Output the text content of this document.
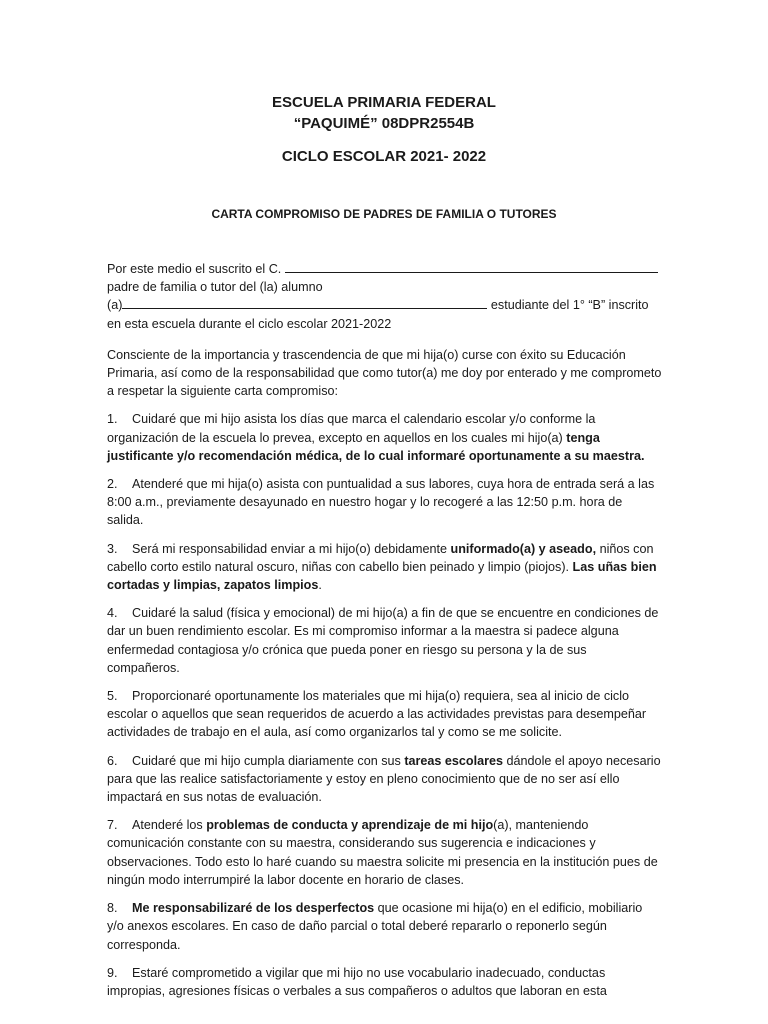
ESCUELA PRIMARIA FEDERAL
“PAQUIMÉ” 08DPR2554B
CICLO ESCOLAR 2021- 2022
CARTA COMPROMISO DE PADRES DE FAMILIA O TUTORES
Por este medio el suscrito el C.
padre de familia o tutor del (la) alumno
(a)	estudiante del 1° “B” inscrito
en esta escuela durante el ciclo escolar 2021-2022

Consciente de la importancia y trascendencia de que mi hija(o) curse con éxito su Educación Primaria, así como de la responsabilidad que como tutor(a) me doy por enterado y me comprometo a respetar la siguiente carta compromiso:

1. Cuidaré que mi hijo asista los días que marca el calendario escolar y/o conforme la organización de la escuela lo prevea, excepto en aquellos en los cuales mi hijo(a) tenga justificante y/o recomendación médica, de lo cual informaré oportunamente a su maestra.

2. Atenderé que mi hija(o) asista con puntualidad a sus labores, cuya hora de entrada será a las 8:00 a.m., previamente desayunado en nuestro hogar y lo recogeré a las 12:50 p.m. hora de salida.

3. Será mi responsabilidad enviar a mi hijo(o) debidamente uniformado(a) y aseado, niños con cabello corto estilo natural oscuro, niñas con cabello bien peinado y limpio (piojos). Las uñas bien cortadas y limpias, zapatos limpios.

4. Cuidaré la salud (física y emocional) de mi hijo(a) a fin de que se encuentre en condiciones de dar un buen rendimiento escolar. Es mi compromiso informar a la maestra si padece alguna enfermedad contagiosa y/o crónica que pueda poner en riesgo su persona y la de sus compañeros.

5. Proporcionaré oportunamente los materiales que mi hija(o) requiera, sea al inicio de ciclo escolar o aquellos que sean requeridos de acuerdo a las actividades previstas para desempeñar actividades de trabajo en el aula, así como organizarlos tal y como se me solicite.

6. Cuidaré que mi hijo cumpla diariamente con sus tareas escolares dándole el apoyo necesario para que las realice satisfactoriamente y estoy en pleno conocimiento que de no ser así ello impactará en sus notas de evaluación.

7. Atenderé los problemas de conducta y aprendizaje de mi hijo(a), manteniendo comunicación constante con su maestra, considerando sus sugerencia e indicaciones y observaciones. Todo esto lo haré cuando su maestra solicite mi presencia en la institución pues de ningún modo interrumpiré la labor docente en horario de clases.

8. Me responsabilizaré de los desperfectos que ocasione mi hija(o) en el edificio, mobiliario y/o anexos escolares. En caso de daño parcial o total deberé repararlo o reponerlo según corresponda.

9. Estaré comprometido a vigilar que mi hijo no use vocabulario inadecuado, conductas impropias, agresiones físicas o verbales a sus compañeros o adultos que laboran en esta
